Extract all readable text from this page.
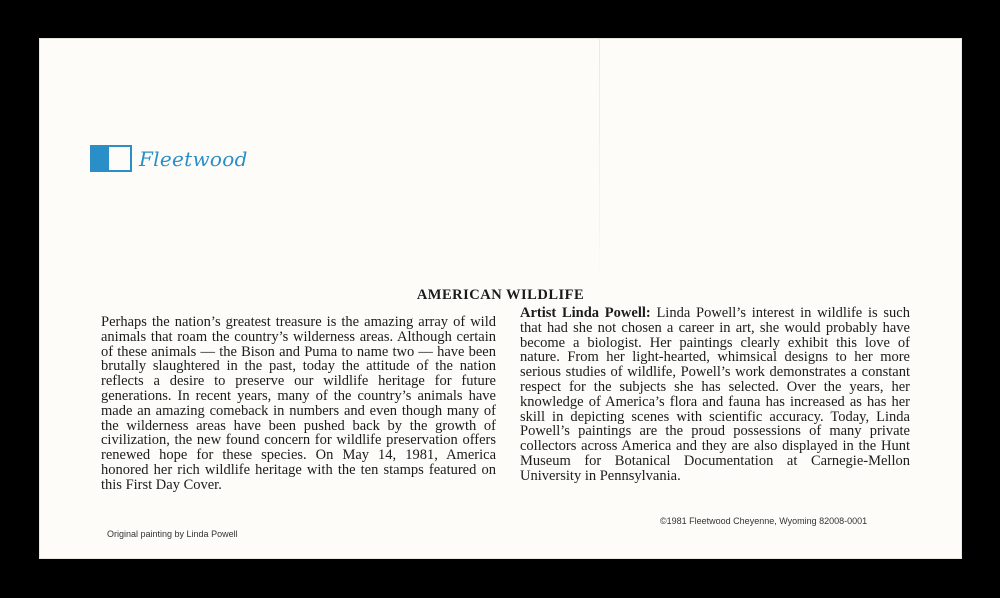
Fleetwood
AMERICAN WILDLIFE

Perhaps the nation’s greatest treasure is the amazing array of wild animals that roam the country’s wilderness areas. Although certain of these animals — the Bison and Puma to name two — have been brutally slaughtered in the past, today the attitude of the nation reflects a desire to preserve our wildlife heritage for future generations. In recent years, many of the country’s animals have made an amazing comeback in numbers and even though many of the wilderness areas have been pushed back by the growth of civilization, the new found concern for wildlife preservation offers renewed hope for these species. On May 14, 1981, America honored her rich wildlife heritage with the ten stamps featured on this First Day Cover.

Artist Linda Powell: Linda Powell’s interest in wildlife is such that had she not chosen a career in art, she would probably have become a biologist. Her paintings clearly exhibit this love of nature. From her light-hearted, whimsical designs to her more serious studies of wildlife, Powell’s work demonstrates a constant respect for the subjects she has selected. Over the years, her knowledge of America’s flora and fauna has increased as has her skill in depicting scenes with scientific accuracy. Today, Linda Powell’s paintings are the proud possessions of many private collectors across America and they are also displayed in the Hunt Museum for Botanical Documentation at Carnegie-Mellon University in Pennsylvania.

Original painting by Linda Powell
©1981 Fleetwood Cheyenne, Wyoming 82008-0001
